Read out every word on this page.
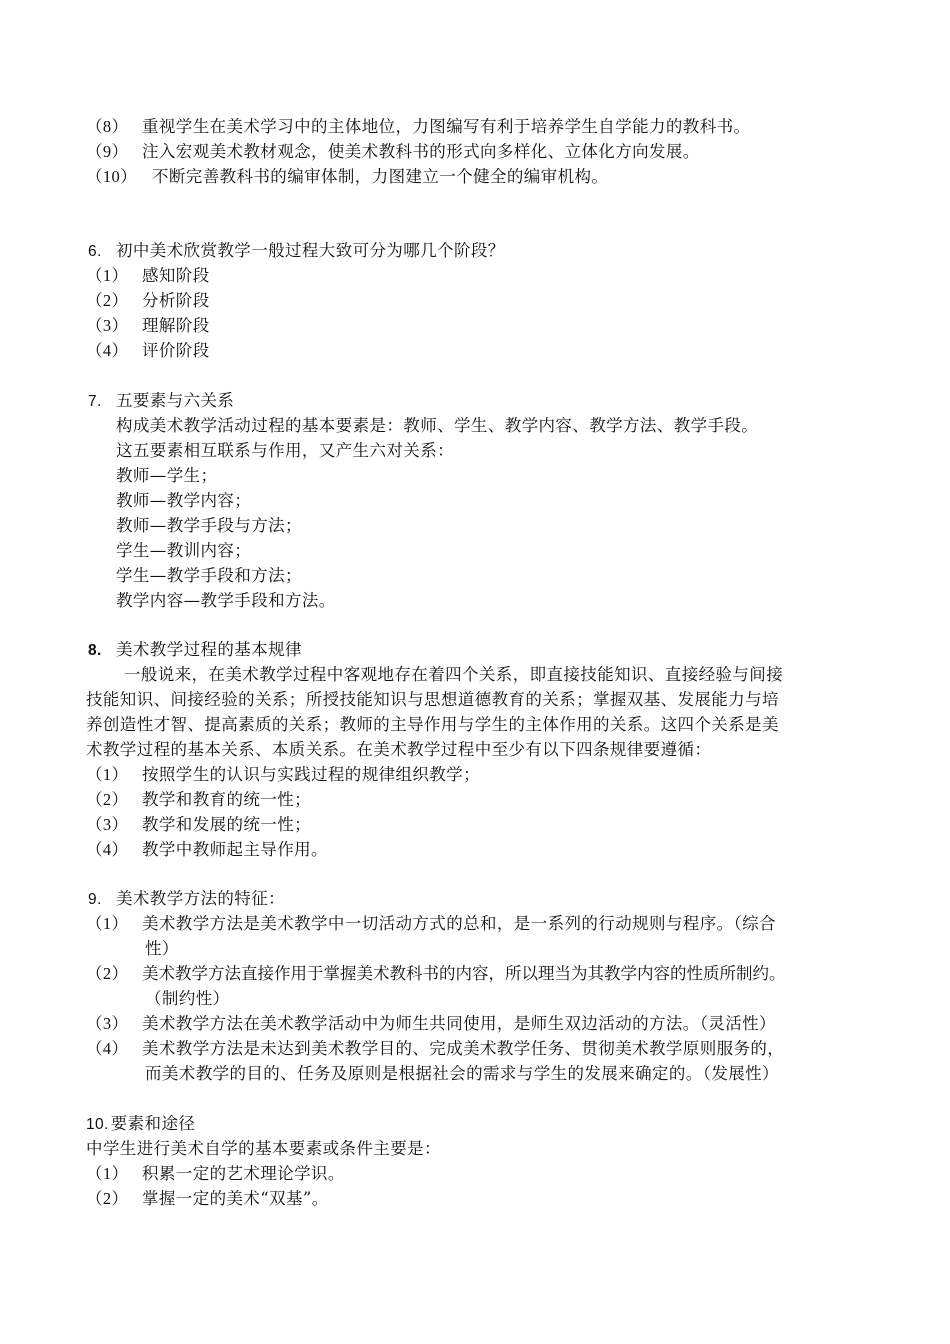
（8） 重视学生在美术学习中的主体地位，力图编写有利于培养学生自学能力的教科书。
（9） 注入宏观美术教材观念，使美术教科书的形式向多样化、立体化方向发展。
（10） 不断完善教科书的编审体制，力图建立一个健全的编审机构。
6. 初中美术欣赏教学一般过程大致可分为哪几个阶段？
（1） 感知阶段
（2） 分析阶段
（3） 理解阶段
（4） 评价阶段
7. 五要素与六关系
构成美术教学活动过程的基本要素是：教师、学生、教学内容、教学方法、教学手段。
这五要素相互联系与作用，又产生六对关系：
教师—学生；
教师—教学内容；
教师—教学手段与方法；
学生—教训内容；
学生—教学手段和方法；
教学内容—教学手段和方法。
8. 美术教学过程的基本规律
一般说来，在美术教学过程中客观地存在着四个关系，即直接技能知识、直接经验与间接
技能知识、间接经验的关系；所授技能知识与思想道德教育的关系；掌握双基、发展能力与培
养创造性才智、提高素质的关系；教师的主导作用与学生的主体作用的关系。这四个关系是美
术教学过程的基本关系、本质关系。在美术教学过程中至少有以下四条规律要遵循：
（1） 按照学生的认识与实践过程的规律组织教学；
（2） 教学和教育的统一性；
（3） 教学和发展的统一性；
（4） 教学中教师起主导作用。
9. 美术教学方法的特征：
（1） 美术教学方法是美术教学中一切活动方式的总和，是一系列的行动规则与程序。（综合
性）
（2） 美术教学方法直接作用于掌握美术教科书的内容，所以理当为其教学内容的性质所制约。
（制约性）
（3） 美术教学方法在美术教学活动中为师生共同使用，是师生双边活动的方法。（灵活性）
（4） 美术教学方法是未达到美术教学目的、完成美术教学任务、贯彻美术教学原则服务的，
而美术教学的目的、任务及原则是根据社会的需求与学生的发展来确定的。（发展性）
10. 要素和途径
中学生进行美术自学的基本要素或条件主要是：
（1） 积累一定的艺术理论学识。
（2） 掌握一定的美术“双基”。
